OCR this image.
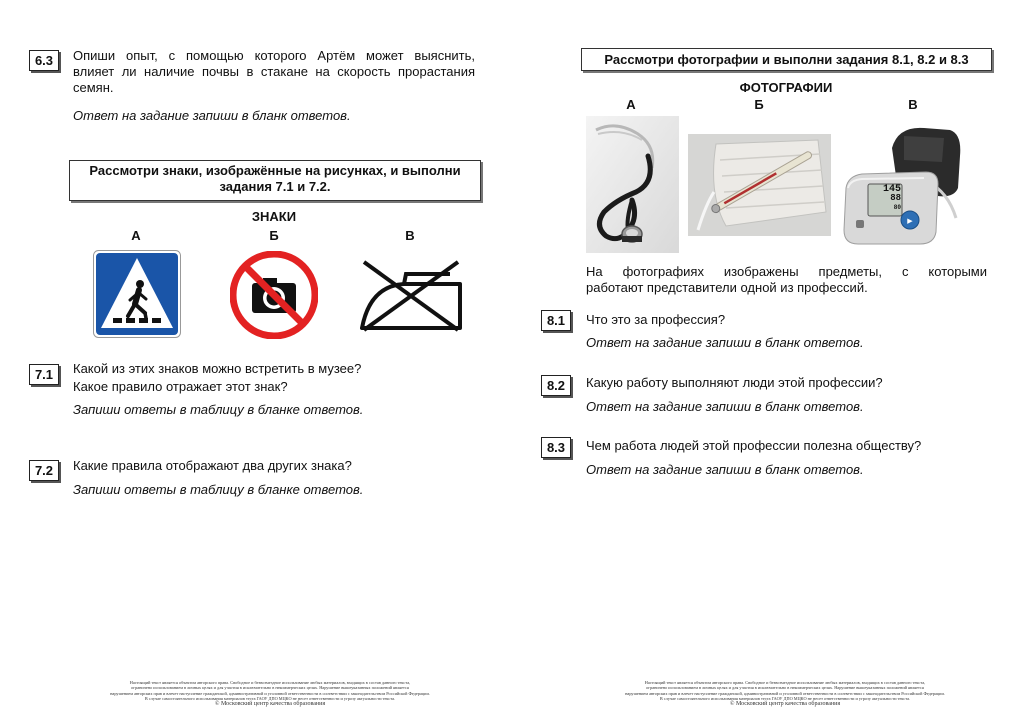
6.3	Опиши опыт, с помощью которого Артём может выяснить,
влияет ли наличие почвы в стакане на скорость прорастания
семян.
Ответ на задание запиши в бланк ответов.
Рассмотри знаки, изображённые на рисунках, и выполни
задания 7.1 и 7.2.
ЗНАКИ
А	Б	В
7.1	Какой из этих знаков можно встретить в музее?
Какое правило отражает этот знак?
Запиши ответы в таблицу в бланке ответов.
7.2	Какие правила отображают два других знака?
Запиши ответы в таблицу в бланке ответов.
Настоящий текст является объектом авторского права. Свободное и безвозмездное использование любых материалов, входящих в состав данного текста,
ограничено использованием в личных целях и для участия в исключительно в некоммерческих целях. Нарушение вышеуказанных положений является
нарушением авторских прав и влечет наступление гражданской, административной и уголовной ответственности в соответствии с законодательством Российской Федерации.
В случае самостоятельного использования материалов теста ГАОУ ДПО МЦКО не несет ответственности и угрозу актуальности текста.
© Московский центр качества образования
Рассмотри фотографии и выполни задания 8.1, 8.2 и 8.3
ФОТОГРАФИИ
А	Б	В
▶
145
88
80
На фотографиях изображены предметы, с которыми
работают представители одной из профессий.
8.1	Что это за профессия?
Ответ на задание запиши в бланк ответов.
8.2	Какую работу выполняют люди этой профессии?
Ответ на задание запиши в бланк ответов.
8.3	Чем работа людей этой профессии полезна обществу?
Ответ на задание запиши в бланк ответов.
Настоящий текст является объектом авторского права. Свободное и безвозмездное использование любых материалов, входящих в состав данного текста,
ограничено использованием в личных целях и для участия в исключительно в некоммерческих целях. Нарушение вышеуказанных положений является
нарушением авторских прав и влечет наступление гражданской, административной и уголовной ответственности в соответствии с законодательством Российской Федерации.
В случае самостоятельного использования материалов теста ГАОУ ДПО МЦКО не несет ответственности и угрозу актуальности текста.
© Московский центр качества образования
